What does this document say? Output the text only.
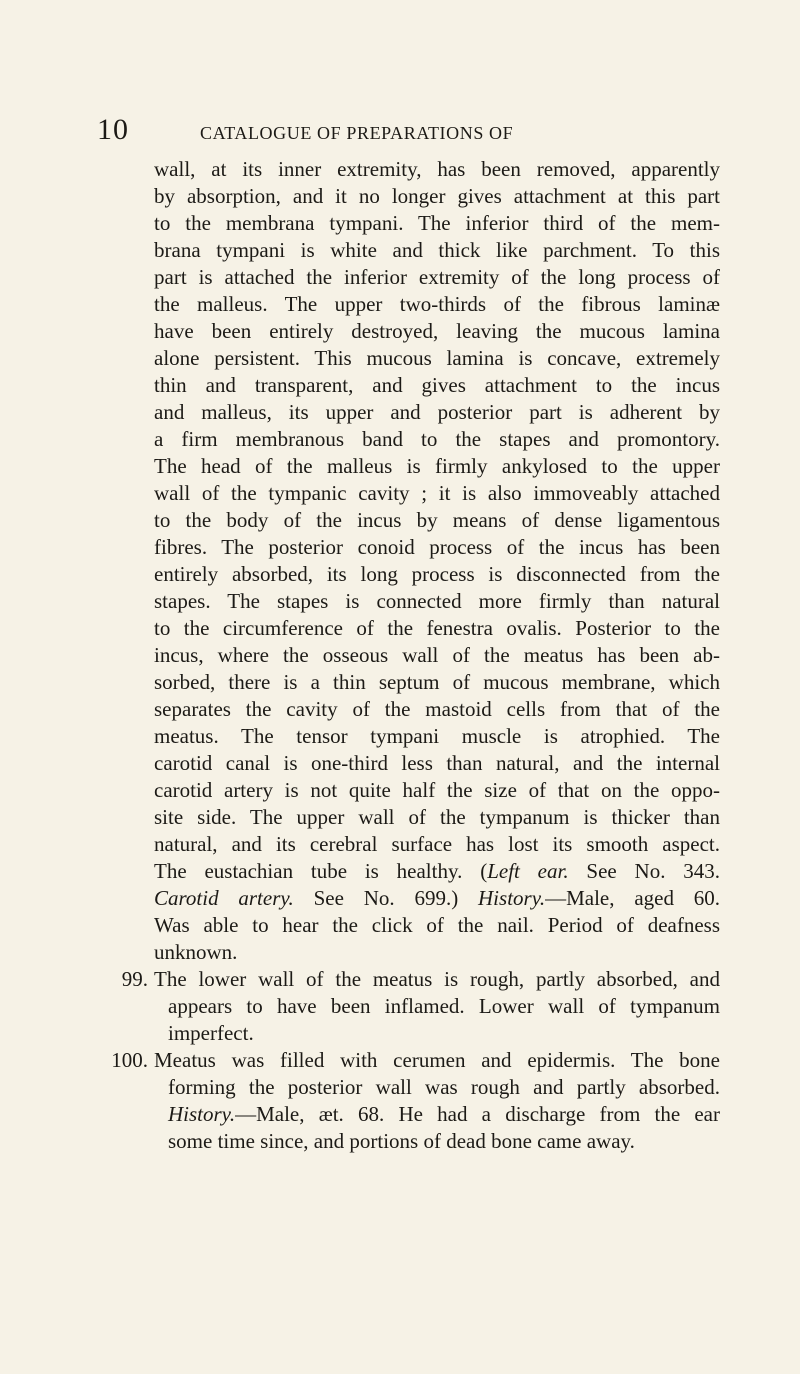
10	CATALOGUE OF PREPARATIONS OF
wall, at its inner extremity, has been removed, apparently
by absorption, and it no longer gives attachment at this part
to the membrana tympani. The inferior third of the mem-
brana tympani is white and thick like parchment. To this
part is attached the inferior extremity of the long process of
the malleus. The upper two-thirds of the fibrous laminæ
have been entirely destroyed, leaving the mucous lamina
alone persistent. This mucous lamina is concave, extremely
thin and transparent, and gives attachment to the incus
and malleus, its upper and posterior part is adherent by
a firm membranous band to the stapes and promontory.
The head of the malleus is firmly ankylosed to the upper
wall of the tympanic cavity ; it is also immoveably attached
to the body of the incus by means of dense ligamentous
fibres. The posterior conoid process of the incus has been
entirely absorbed, its long process is disconnected from the
stapes. The stapes is connected more firmly than natural
to the circumference of the fenestra ovalis. Posterior to the
incus, where the osseous wall of the meatus has been ab-
sorbed, there is a thin septum of mucous membrane, which
separates the cavity of the mastoid cells from that of the
meatus. The tensor tympani muscle is atrophied. The
carotid canal is one-third less than natural, and the internal
carotid artery is not quite half the size of that on the oppo-
site side. The upper wall of the tympanum is thicker than
natural, and its cerebral surface has lost its smooth aspect.
The eustachian tube is healthy. (Left ear. See No. 343.
Carotid artery. See No. 699.) History.—Male, aged 60.
Was able to hear the click of the nail. Period of deafness
unknown.
99. The lower wall of the meatus is rough, partly absorbed, and
appears to have been inflamed. Lower wall of tympanum
imperfect.
100. Meatus was filled with cerumen and epidermis. The bone
forming the posterior wall was rough and partly absorbed.
History.—Male, æt. 68. He had a discharge from the ear
some time since, and portions of dead bone came away.
